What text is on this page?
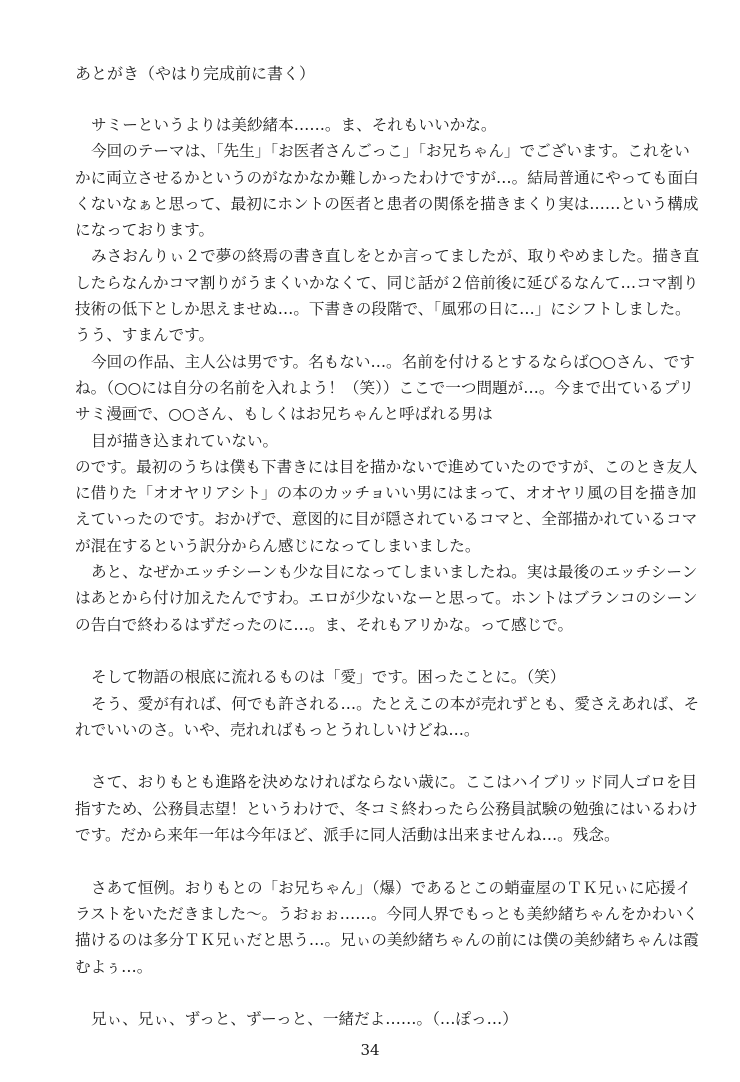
あとがき（やはり完成前に書く）
サミーというよりは美紗緒本……。ま、それもいいかな。
今回のテーマは、「先生」「お医者さんごっこ」「お兄ちゃん」でございます。これをい
かに両立させるかというのがなかなか難しかったわけですが…。結局普通にやっても面白
くないなぁと思って、最初にホントの医者と患者の関係を描きまくり実は……という構成
になっております。
みさおんりぃ２で夢の終焉の書き直しをとか言ってましたが、取りやめました。描き直
したらなんかコマ割りがうまくいかなくて、同じ話が２倍前後に延びるなんて…コマ割り
技術の低下としか思えませぬ…。下書きの段階で、「風邪の日に…」にシフトしました。
うう、すまんです。
今回の作品、主人公は男です。名もない…。名前を付けるとするならば○○さん、です
ね。（○○には自分の名前を入れよう！（笑））ここで一つ問題が…。今まで出ているプリ
サミ漫画で、○○さん、もしくはお兄ちゃんと呼ばれる男は
目が描き込まれていない。
のです。最初のうちは僕も下書きには目を描かないで進めていたのですが、このとき友人
に借りた「オオヤリアシト」の本のカッチョいい男にはまって、オオヤリ風の目を描き加
えていったのです。おかげで、意図的に目が隠されているコマと、全部描かれているコマ
が混在するという訳分からん感じになってしまいました。
あと、なぜかエッチシーンも少な目になってしまいましたね。実は最後のエッチシーン
はあとから付け加えたんですわ。エロが少ないなーと思って。ホントはブランコのシーン
の告白で終わるはずだったのに…。ま、それもアリかな。って感じで。
そして物語の根底に流れるものは「愛」です。困ったことに。（笑）
そう、愛が有れば、何でも許される…。たとえこの本が売れずとも、愛さえあれば、そ
れでいいのさ。いや、売れればもっとうれしいけどね…。
さて、おりもとも進路を決めなければならない歳に。ここはハイブリッド同人ゴロを目
指すため、公務員志望！というわけで、冬コミ終わったら公務員試験の勉強にはいるわけ
です。だから来年一年は今年ほど、派手に同人活動は出来ませんね…。残念。
さあて恒例。おりもとの「お兄ちゃん」（爆）であるとこの蛸壷屋のＴＫ兄ぃに応援イ
ラストをいただきました～。うおぉぉ……。今同人界でもっとも美紗緒ちゃんをかわいく
描けるのは多分ＴＫ兄ぃだと思う…。兄ぃの美紗緒ちゃんの前には僕の美紗緒ちゃんは霞
むよぅ…。
兄ぃ、兄ぃ、ずっと、ずーっと、一緒だよ……。（…ぽっ…）
34
